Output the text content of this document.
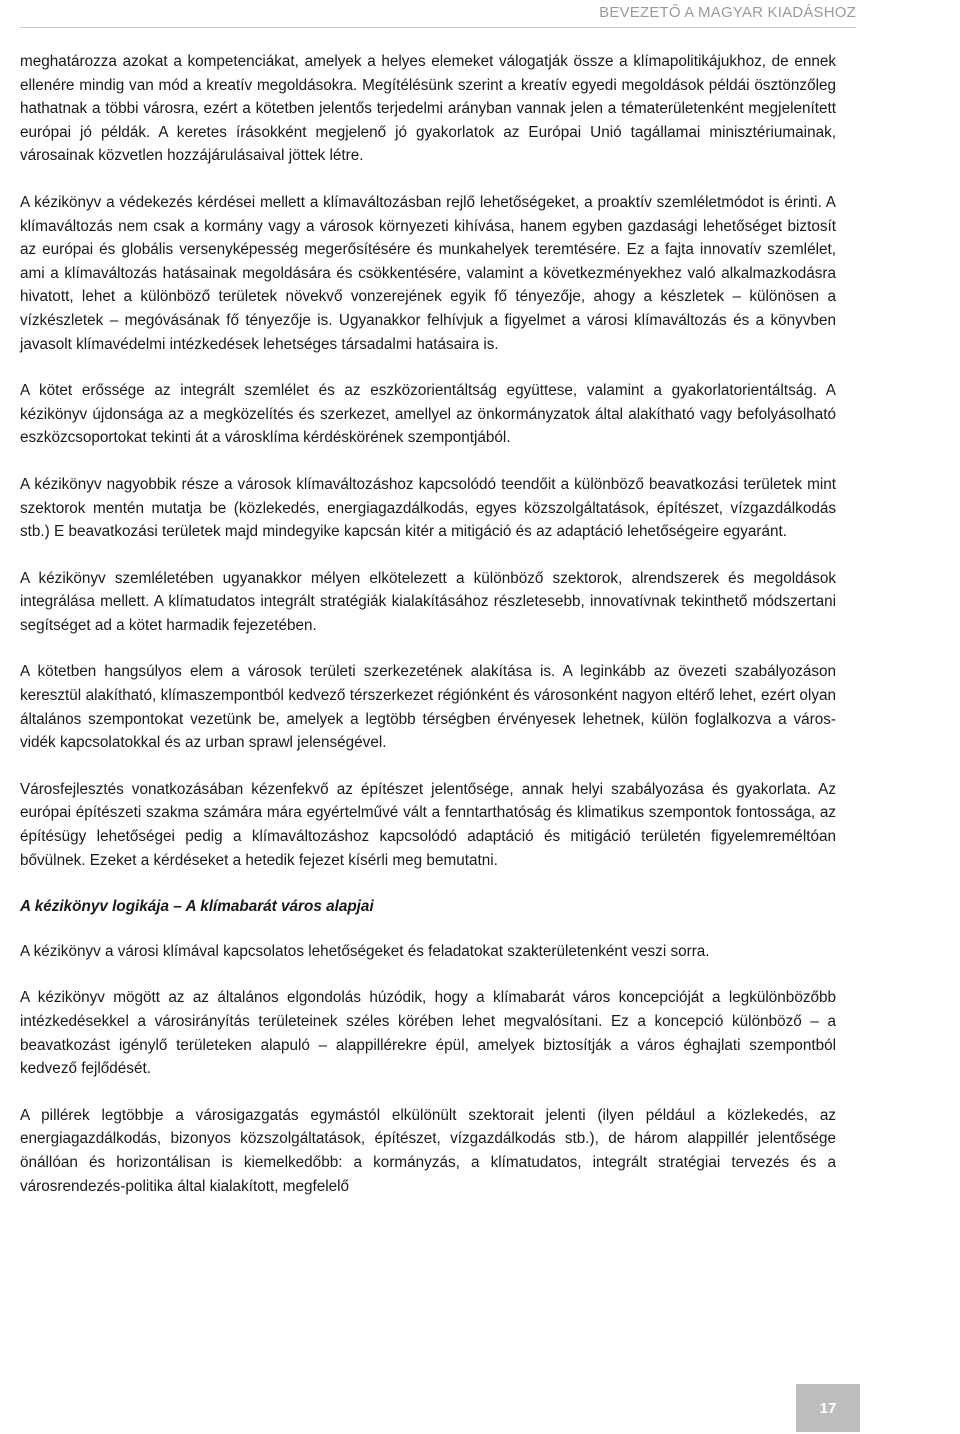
BEVEZETŐ A MAGYAR KIADÁSHOZ

meghatározza azokat a kompetenciákat, amelyek a helyes elemeket válogatják össze a klímapolitikájukhoz, de ennek ellenére mindig van mód a kreatív megoldásokra. Megítélésünk szerint a kreatív egyedi megoldások példái ösztönzőleg hathatnak a többi városra, ezért a kötetben jelentős terjedelmi arányban vannak jelen a tématerületenként megjelenített európai jó példák. A keretes írásokként megjelenő jó gyakorlatok az Európai Unió tagállamai minisztériumainak, városainak közvetlen hozzájárulásaival jöttek létre.

A kézikönyv a védekezés kérdései mellett a klímaváltozásban rejlő lehetőségeket, a proaktív szemléletmódot is érinti. A klímaváltozás nem csak a kormány vagy a városok környezeti kihívása, hanem egyben gazdasági lehetőséget biztosít az európai és globális versenyképesség megerősítésére és munkahelyek teremtésére. Ez a fajta innovatív szemlélet, ami a klímaváltozás hatásainak megoldására és csökkentésére, valamint a következményekhez való alkalmazkodásra hivatott, lehet a különböző területek növekvő vonzerejének egyik fő tényezője, ahogy a készletek – különösen a vízkészletek – megóvásának fő tényezője is. Ugyanakkor felhívjuk a figyelmet a városi klímaváltozás és a könyvben javasolt klímavédelmi intézkedések lehetséges társadalmi hatásaira is.

A kötet erőssége az integrált szemlélet és az eszközorientáltság együttese, valamint a gyakorlatorientáltság. A kézikönyv újdonsága az a megközelítés és szerkezet, amellyel az önkormányzatok által alakítható vagy befolyásolható eszközcsoportokat tekinti át a városklíma kérdéskörének szempontjából.

A kézikönyv nagyobbik része a városok klímaváltozáshoz kapcsolódó teendőit a különböző beavatkozási területek mint szektorok mentén mutatja be (közlekedés, energiagazdálkodás, egyes közszolgáltatások, építészet, vízgazdálkodás stb.) E beavatkozási területek majd mindegyike kapcsán kitér a mitigáció és az adaptáció lehetőségeire egyaránt.

A kézikönyv szemléletében ugyanakkor mélyen elkötelezett a különböző szektorok, alrendszerek és megoldások integrálása mellett. A klímatudatos integrált stratégiák kialakításához részletesebb, innovatívnak tekinthető módszertani segítséget ad a kötet harmadik fejezetében.

A kötetben hangsúlyos elem a városok területi szerkezetének alakítása is. A leginkább az övezeti szabályozáson keresztül alakítható, klímaszempontból kedvező térszerkezet régiónként és városonként nagyon eltérő lehet, ezért olyan általános szempontokat vezetünk be, amelyek a legtöbb térségben érvényesek lehetnek, külön foglalkozva a város-vidék kapcsolatokkal és az urban sprawl jelenségével.

Városfejlesztés vonatkozásában kézenfekvő az építészet jelentősége, annak helyi szabályozása és gyakorlata. Az európai építészeti szakma számára mára egyértelművé vált a fenntarthatóság és klimatikus szempontok fontossága, az építésügy lehetőségei pedig a klímaváltozáshoz kapcsolódó adaptáció és mitigáció területén figyelemreméltóan bővülnek. Ezeket a kérdéseket a hetedik fejezet kísérli meg bemutatni.

A kézikönyv logikája – A klímabarát város alapjai

A kézikönyv a városi klímával kapcsolatos lehetőségeket és feladatokat szakterületenként veszi sorra.

A kézikönyv mögött az az általános elgondolás húzódik, hogy a klímabarát város koncepcióját a legkülönbözőbb intézkedésekkel a városirányítás területeinek széles körében lehet megvalósítani. Ez a koncepció különböző – a beavatkozást igénylő területeken alapuló – alappillérekre épül, amelyek biztosítják a város éghajlati szempontból kedvező fejlődését.

A pillérek legtöbbje a városigazgatás egymástól elkülönült szektorait jelenti (ilyen például a közlekedés, az energiagazdálkodás, bizonyos közszolgáltatások, építészet, vízgazdálkodás stb.), de három alappillér jelentősége önállóan és horizontálisan is kiemelkedőbb: a kormányzás, a klímatudatos, integrált stratégiai tervezés és a városrendezés-politika által kialakított, megfelelő

17
